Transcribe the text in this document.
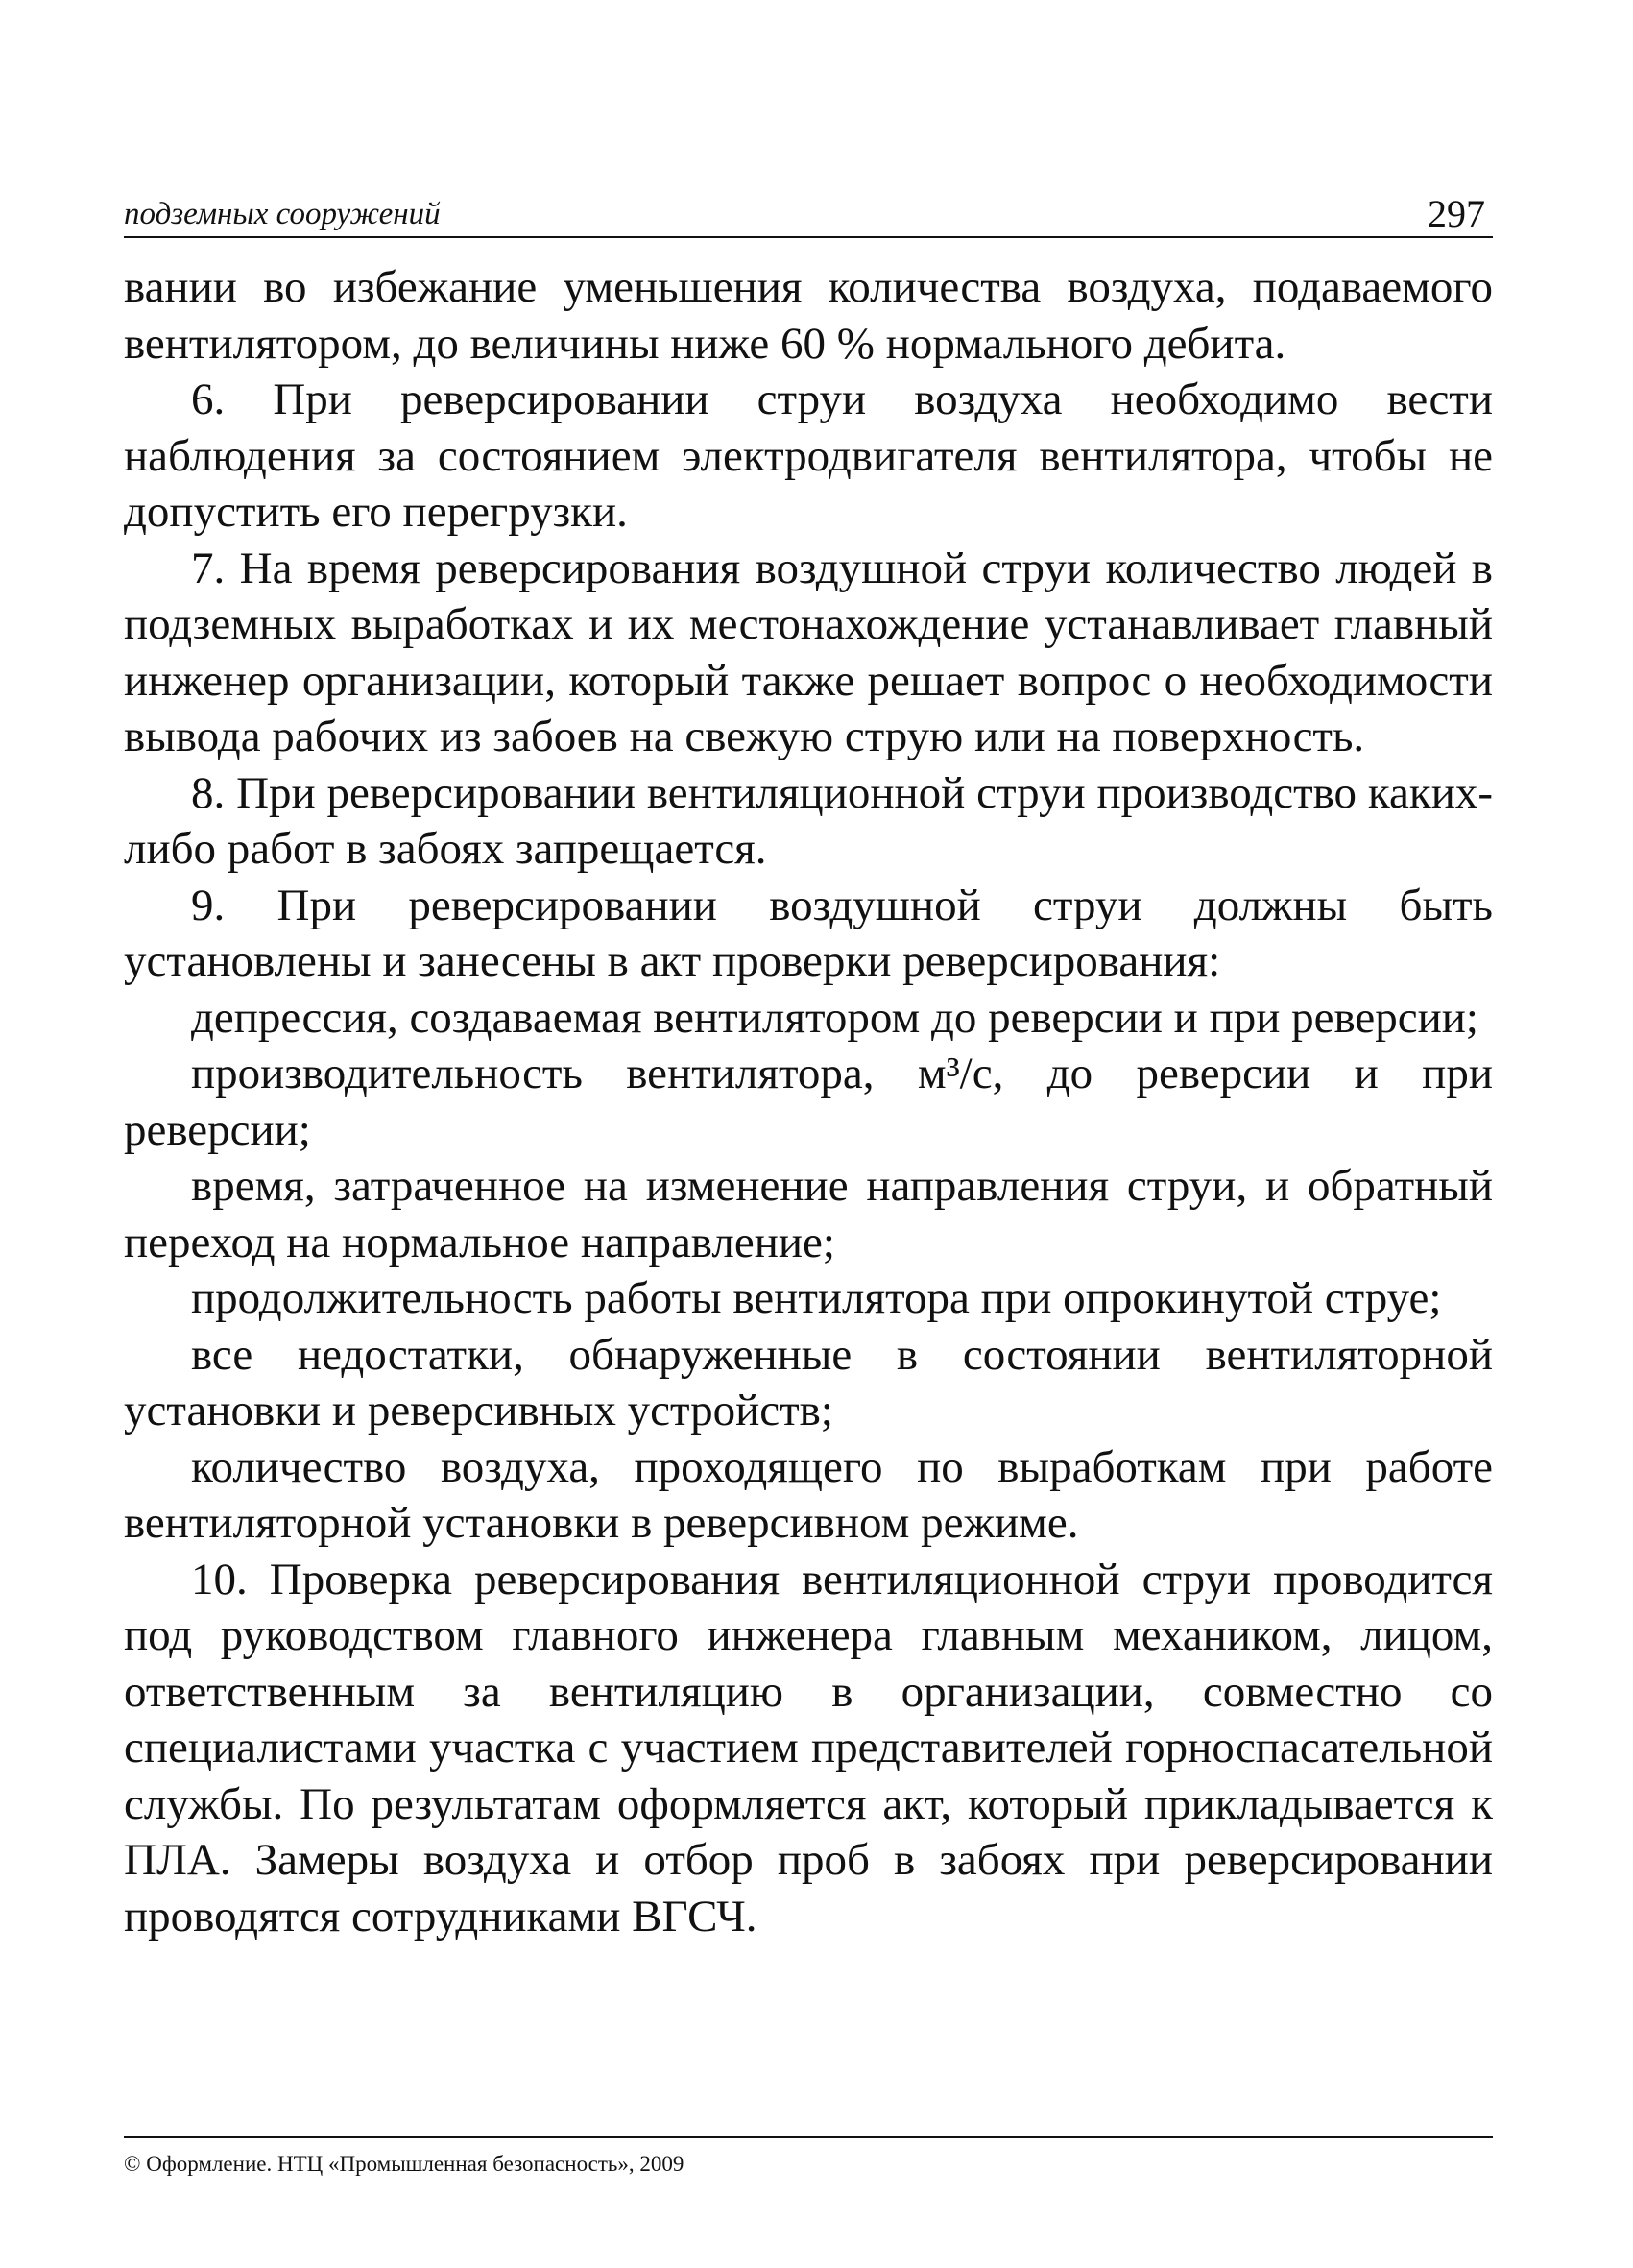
подземных сооружений	297

вании во избежание уменьшения количества воздуха, подаваемого вентилятором, до величины ниже 60 % нормального дебита.

6. При реверсировании струи воздуха необходимо вести наблюдения за состоянием электродвигателя вентилятора, чтобы не допустить его перегрузки.

7. На время реверсирования воздушной струи количество людей в подземных выработках и их местонахождение устанавливает главный инженер организации, который также решает вопрос о необходимости вывода рабочих из забоев на свежую струю или на поверхность.

8. При реверсировании вентиляционной струи производство каких-либо работ в забоях запрещается.

9. При реверсировании воздушной струи должны быть установлены и занесены в акт проверки реверсирования:

депрессия, создаваемая вентилятором до реверсии и при реверсии;

производительность вентилятора, м³/с, до реверсии и при реверсии;

время, затраченное на изменение направления струи, и обратный переход на нормальное направление;

продолжительность работы вентилятора при опрокинутой струе;

все недостатки, обнаруженные в состоянии вентиляторной установки и реверсивных устройств;

количество воздуха, проходящего по выработкам при работе вентиляторной установки в реверсивном режиме.

10. Проверка реверсирования вентиляционной струи проводится под руководством главного инженера главным механиком, лицом, ответственным за вентиляцию в организации, совместно со специалистами участка с участием представителей горноспасательной службы. По результатам оформляется акт, который прикладывается к ПЛА. Замеры воздуха и отбор проб в забоях при реверсировании проводятся сотрудниками ВГСЧ.

© Оформление. НТЦ «Промышленная безопасность», 2009
